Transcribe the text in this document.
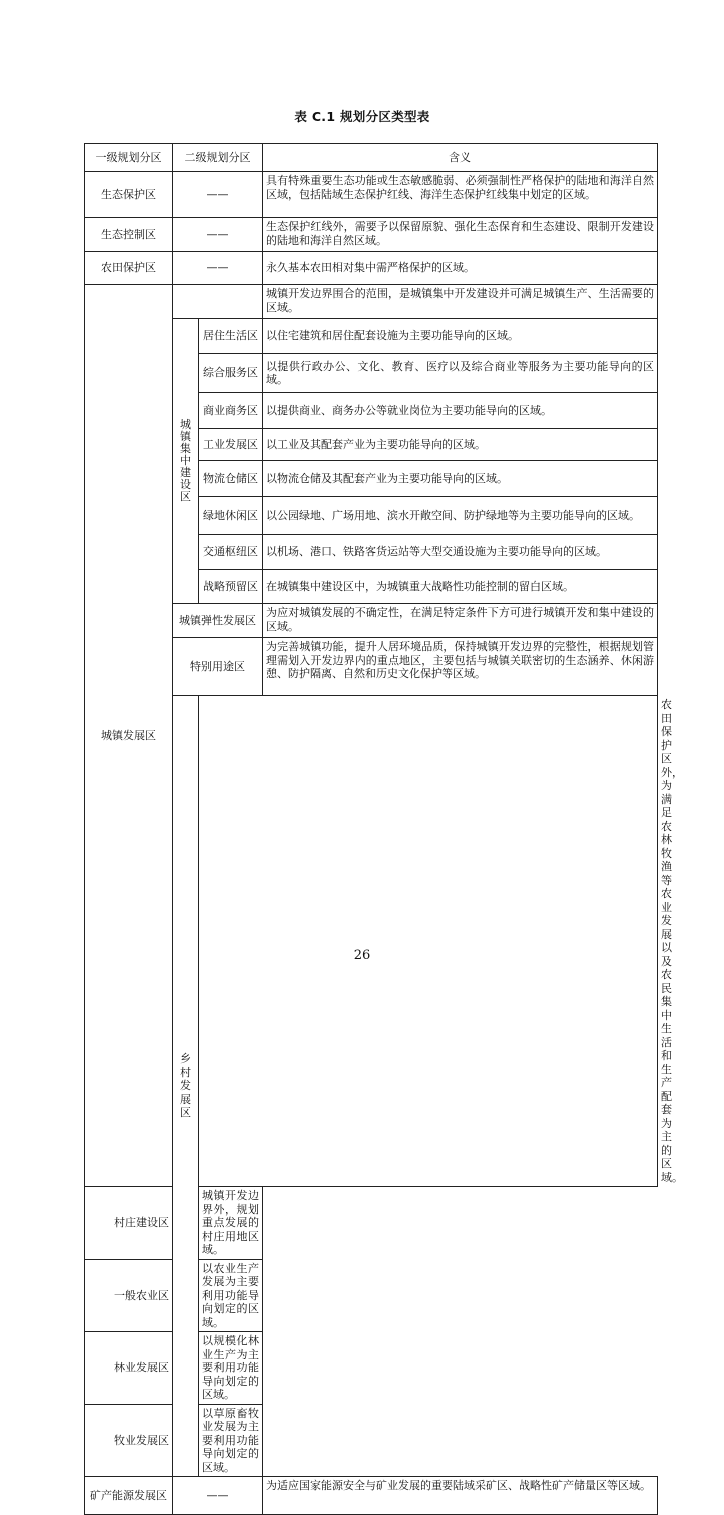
表 C.1 规划分区类型表
一级规划分区	二级规划分区		含义	
生态保护区	——		具有特殊重要生态功能或生态敏感脆弱、必须强制性严格保护的陆地和海洋自然区域，包括陆域生态保护红线、海洋生态保护红线集中划定的区域。	
生态控制区	——		生态保护红线外，需要予以保留原貌、强化生态保育和生态建设、限制开发建设的陆地和海洋自然区域。	
农田保护区	——		永久基本农田相对集中需严格保护的区域。	
城镇发展区			城镇开发边界围合的范围，是城镇集中开发建设并可满足城镇生产、生活需要的区域。	
	城镇集中建设区	居住生活区	以住宅建筑和居住配套设施为主要功能导向的区域。	
		综合服务区	以提供行政办公、文化、教育、医疗以及综合商业等服务为主要功能导向的区域。	
		商业商务区	以提供商业、商务办公等就业岗位为主要功能导向的区域。	
		工业发展区	以工业及其配套产业为主要功能导向的区域。	
		物流仓储区	以物流仓储及其配套产业为主要功能导向的区域。	
		绿地休闲区	以公园绿地、广场用地、滨水开敞空间、防护绿地等为主要功能导向的区域。	
		交通枢纽区	以机场、港口、铁路客货运站等大型交通设施为主要功能导向的区域。	
		战略预留区	在城镇集中建设区中，为城镇重大战略性功能控制的留白区域。	
	城镇弹性发展区		为应对城镇发展的不确定性，在满足特定条件下方可进行城镇开发和集中建设的区域。	
	特别用途区		为完善城镇功能，提升人居环境品质，保持城镇开发边界的完整性，根据规划管理需划入开发边界内的重点地区，主要包括与城镇关联密切的生态涵养、休闲游憩、防护隔离、自然和历史文化保护等区域。	
	乡村发展区			农田保护区外，为满足农林牧渔等农业发展以及农民集中生活和生产配套为主的区域。
村庄建设区		城镇开发边界外，规划重点发展的村庄用地区域。		
一般农业区		以农业生产发展为主要利用功能导向划定的区域。		
林业发展区		以规模化林业生产为主要利用功能导向划定的区域。		
牧业发展区		以草原畜牧业发展为主要利用功能导向划定的区域。		
矿产能源发展区	——		为适应国家能源安全与矿业发展的重要陆域采矿区、战略性矿产储量区等区域。	
26
